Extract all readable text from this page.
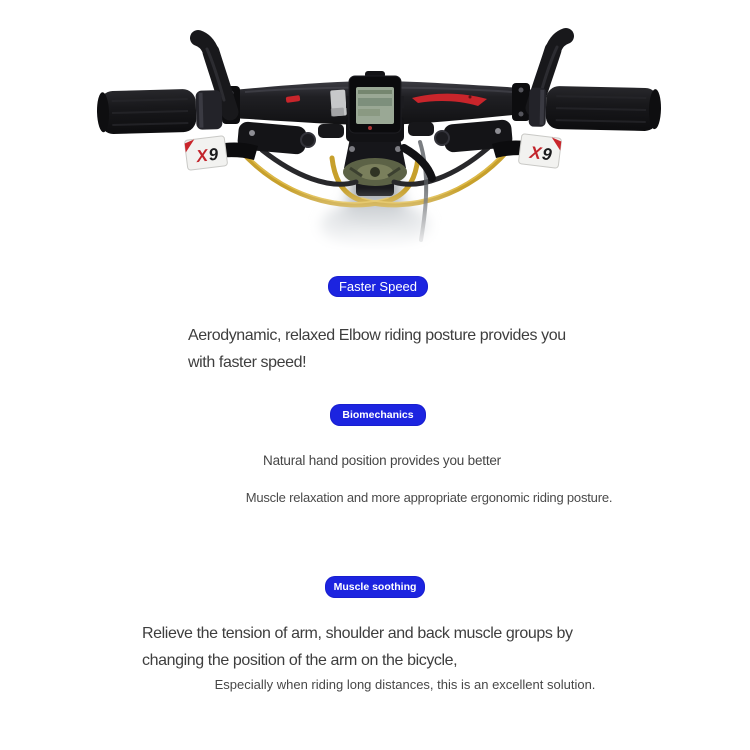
X9	X9
Faster Speed
Aerodynamic, relaxed Elbow riding posture provides you
with faster speed!
Biomechanics
Natural hand position provides you better
Muscle relaxation and more appropriate ergonomic riding posture.
Muscle soothing
Relieve the tension of arm, shoulder and back muscle groups by
changing the position of the arm on the bicycle,
Especially when riding long distances, this is an excellent solution.
